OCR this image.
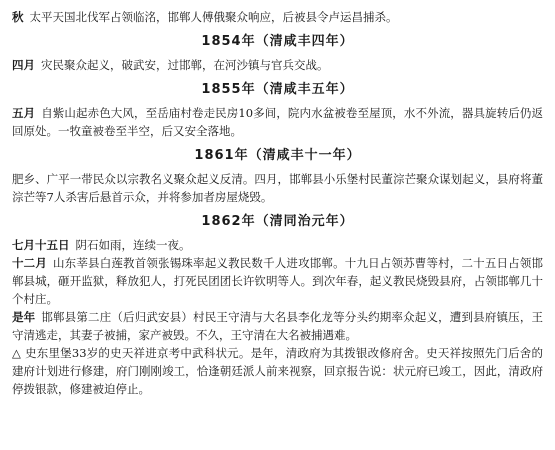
秋 太平天国北伐军占领临洺，邯郸人傅俄聚众响应，后被县令卢运昌捕杀。

1854年（清咸丰四年）

四月 灾民聚众起义，破武安，过邯郸，在河沙镇与官兵交战。

1855年（清咸丰五年）

五月 自紫山起赤色大风，至岳庙村卷走民房10多间，院内水盆被卷至屋顶，水不外流，器具旋转后仍返回原处。一牧童被卷至半空，后又安全落地。

1861年（清咸丰十一年）

肥乡、广平一带民众以宗教名义聚众起义反清。四月，邯郸县小乐堡村民董淙芒聚众谋划起义，县府将董淙芒等7人杀害后悬首示众，并将参加者房屋烧毁。

1862年（清同治元年）

七月十五日 阴石如雨，连续一夜。

十二月 山东莘县白莲教首领张锡珠率起义教民数千人进攻邯郸。十九日占领苏曹等村，二十五日占领邯郸县城，砸开监狱，释放犯人，打死民团团长许钦明等人。到次年春，起义教民烧毁县府，占领邯郸几十个村庄。

是年 邯郸县第二庄（后归武安县）村民王守清与大名县李化龙等分头约期率众起义，遭到县府镇压，王守清逃走，其妻子被捕，家产被毁。不久，王守清在大名被捕遇难。

△ 史东里堡33岁的史天祥进京考中武科状元。是年，清政府为其拨银改修府舍。史天祥按照先门后舍的建府计划进行修建，府门刚刚竣工，恰逢朝廷派人前来视察，回京报告说：状元府已竣工，因此，清政府停拨银款，修建被迫停止。
